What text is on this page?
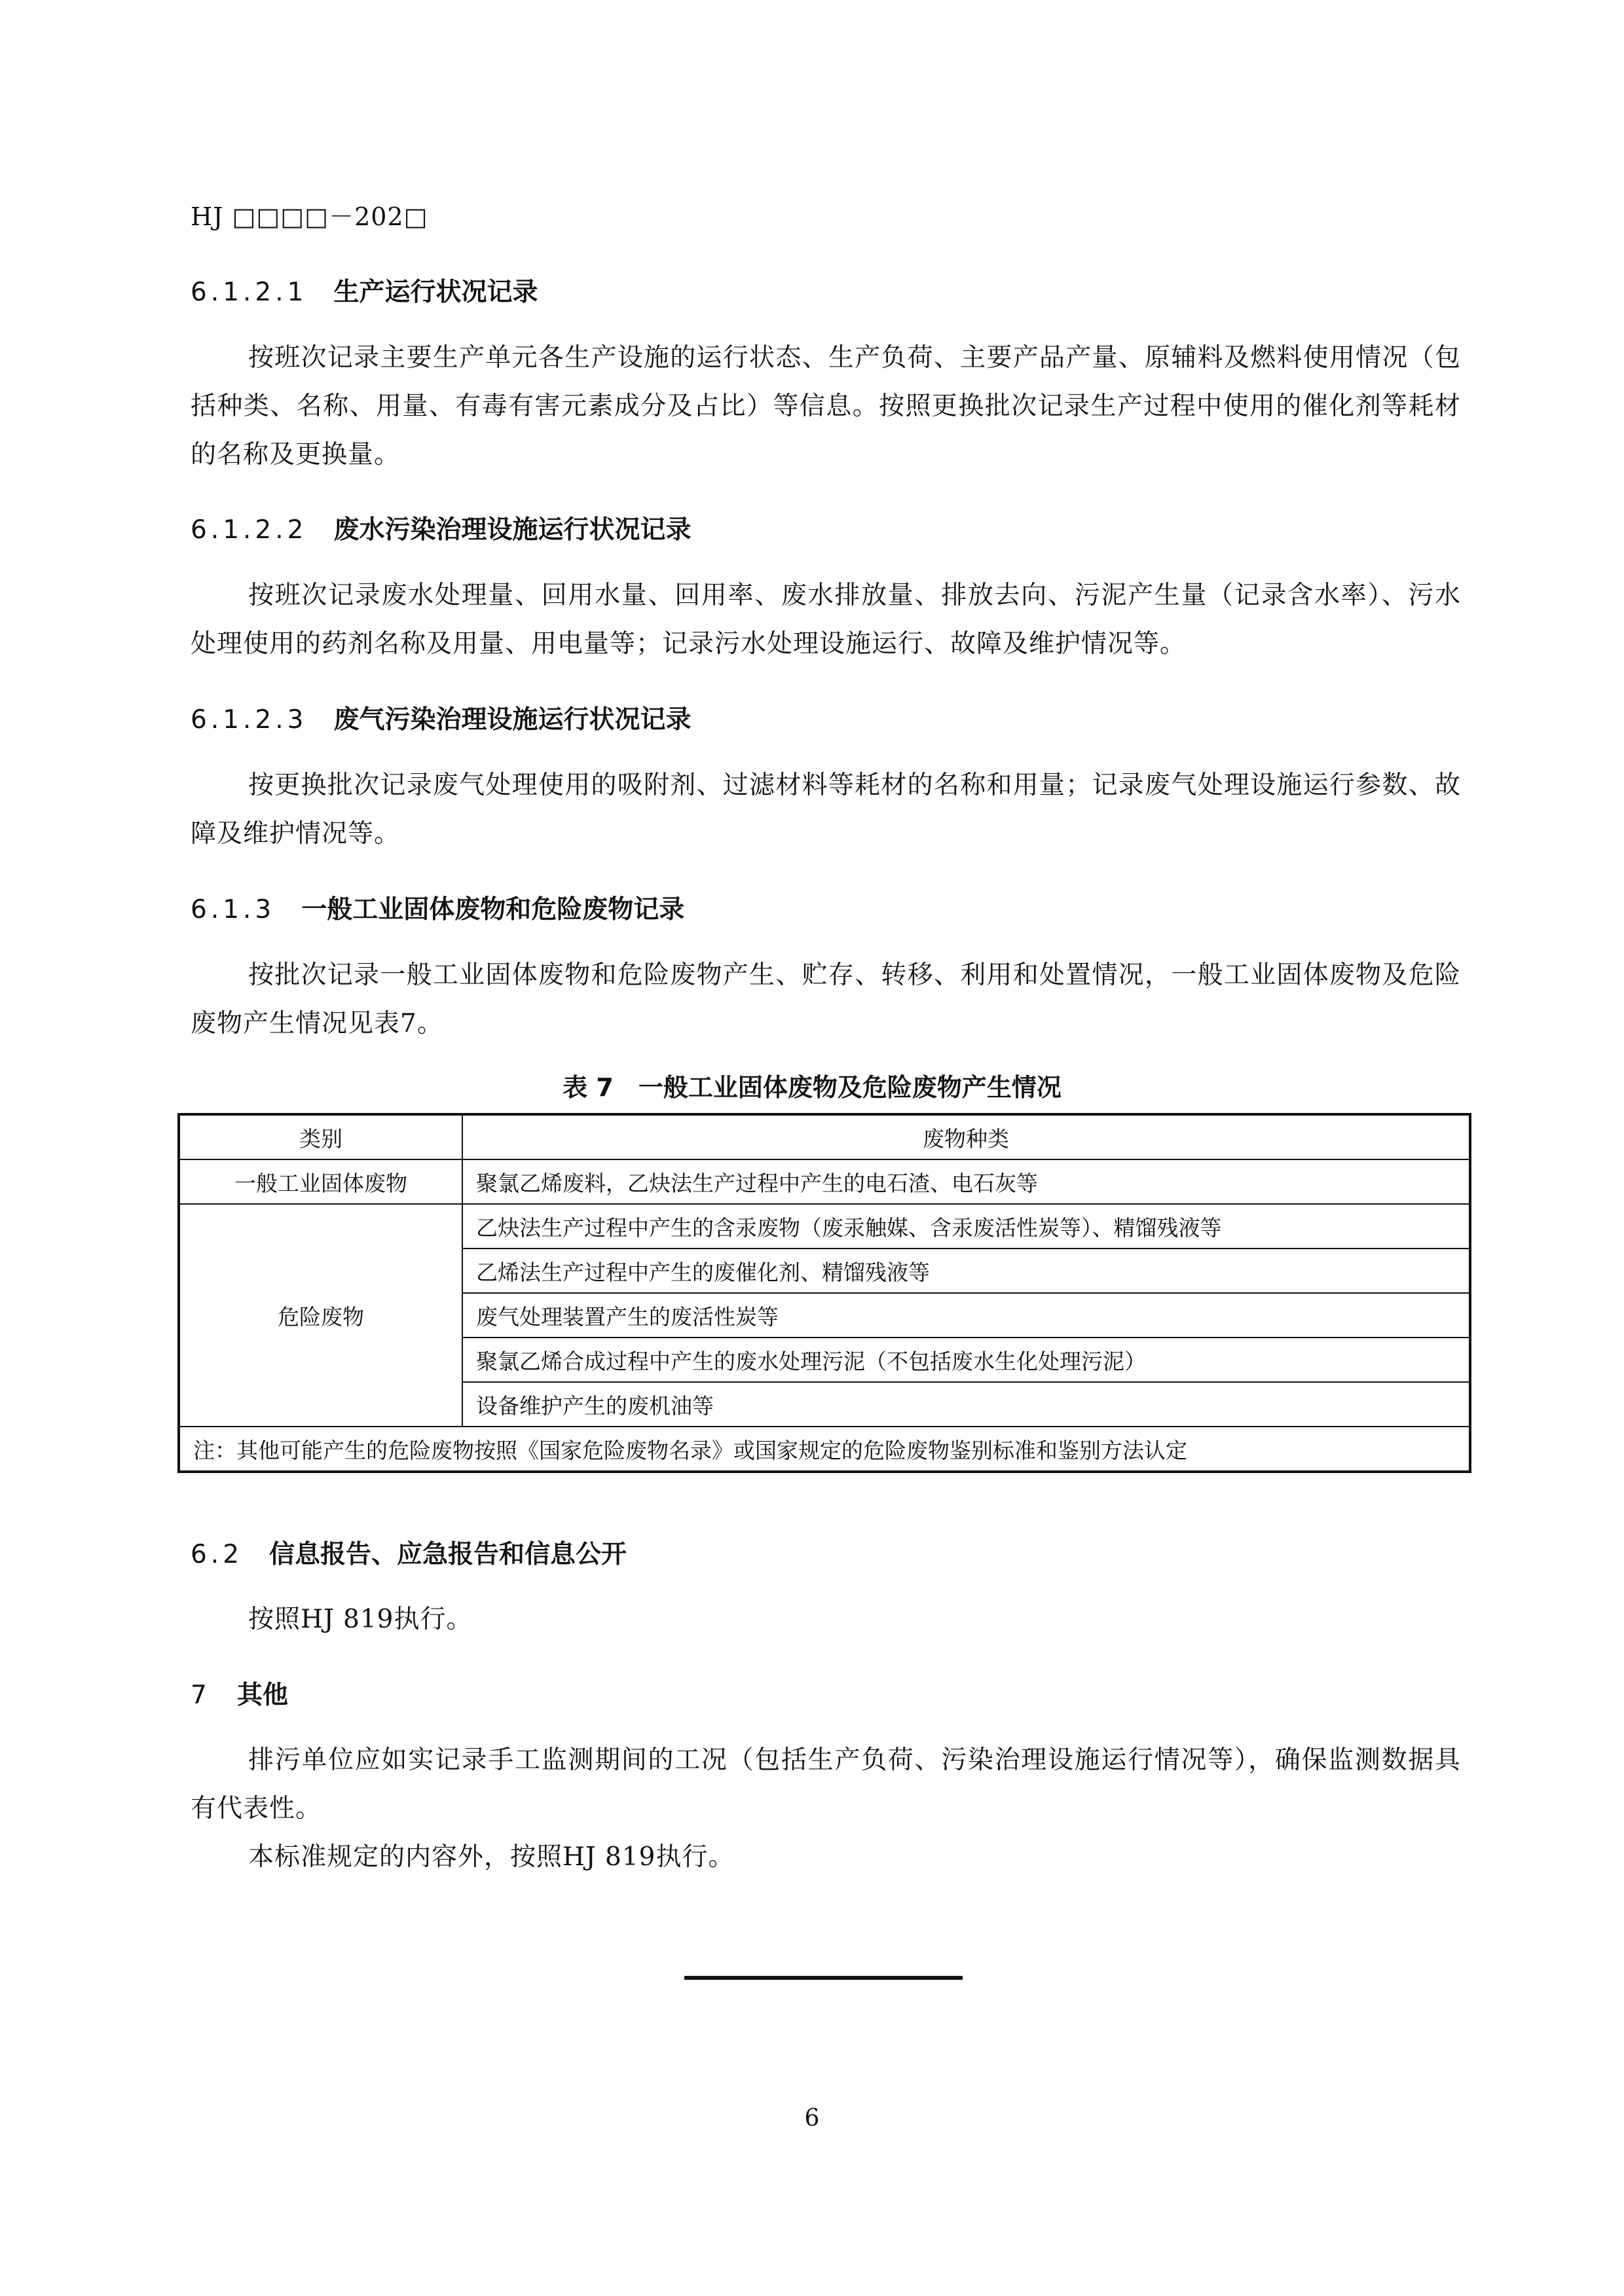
HJ □□□□－202□
6.1.2.1 生产运行状况记录
按班次记录主要生产单元各生产设施的运行状态、生产负荷、主要产品产量、原辅料及燃料使用情况（包括种类、名称、用量、有毒有害元素成分及占比）等信息。按照更换批次记录生产过程中使用的催化剂等耗材的名称及更换量。
6.1.2.2 废水污染治理设施运行状况记录
按班次记录废水处理量、回用水量、回用率、废水排放量、排放去向、污泥产生量（记录含水率）、污水处理使用的药剂名称及用量、用电量等；记录污水处理设施运行、故障及维护情况等。
6.1.2.3 废气污染治理设施运行状况记录
按更换批次记录废气处理使用的吸附剂、过滤材料等耗材的名称和用量；记录废气处理设施运行参数、故障及维护情况等。
6.1.3 一般工业固体废物和危险废物记录
按批次记录一般工业固体废物和危险废物产生、贮存、转移、利用和处置情况，一般工业固体废物及危险废物产生情况见表7。
表 7　一般工业固体废物及危险废物产生情况
类别	废物种类
一般工业固体废物	聚氯乙烯废料，乙炔法生产过程中产生的电石渣、电石灰等
危险废物	乙炔法生产过程中产生的含汞废物（废汞触媒、含汞废活性炭等）、精馏残液等
	乙烯法生产过程中产生的废催化剂、精馏残液等
	废气处理装置产生的废活性炭等
	聚氯乙烯合成过程中产生的废水处理污泥（不包括废水生化处理污泥）
	设备维护产生的废机油等
注：其他可能产生的危险废物按照《国家危险废物名录》或国家规定的危险废物鉴别标准和鉴别方法认定	
6.2 信息报告、应急报告和信息公开
按照HJ 819执行。
7 其他
排污单位应如实记录手工监测期间的工况（包括生产负荷、污染治理设施运行情况等），确保监测数据具有代表性。
本标准规定的内容外，按照HJ 819执行。
6
